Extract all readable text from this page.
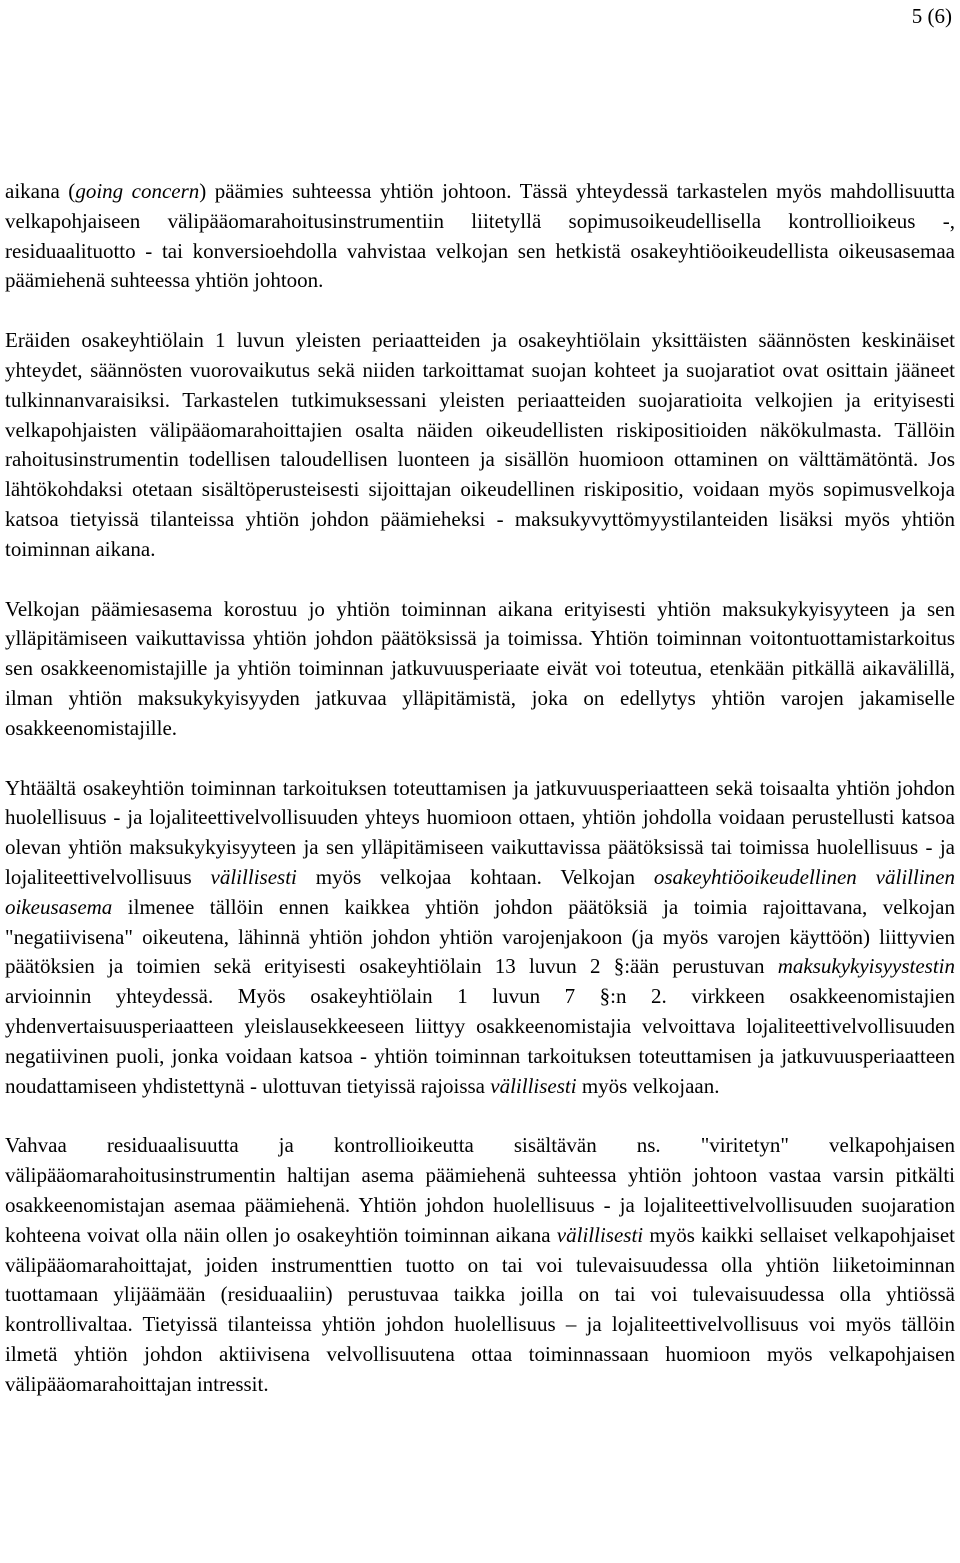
5 (6)

aikana (going concern) päämies suhteessa yhtiön johtoon. Tässä yhteydessä tarkastelen myös mahdollisuutta velkapohjaiseen välipääomarahoitusinstrumentiin liitetyllä sopimusoikeudellisella kontrollioikeus -, residuaalituotto - tai konversioehdolla vahvistaa velkojan sen hetkistä osakeyhtiöoikeudellista oikeusasemaa päämiehenä suhteessa yhtiön johtoon.

Eräiden osakeyhtiölain 1 luvun yleisten periaatteiden ja osakeyhtiölain yksittäisten säännösten keskinäiset yhteydet, säännösten vuorovaikutus sekä niiden tarkoittamat suojan kohteet ja suojaratiot ovat osittain jääneet tulkinnanvaraisiksi. Tarkastelen tutkimuksessani yleisten periaatteiden suojaratioita velkojien ja erityisesti velkapohjaisten välipääomarahoittajien osalta näiden oikeudellisten riskipositioiden näkökulmasta. Tällöin rahoitusinstrumentin todellisen taloudellisen luonteen ja sisällön huomioon ottaminen on välttämätöntä. Jos lähtökohdaksi otetaan sisältöperusteisesti sijoittajan oikeudellinen riskipositio, voidaan myös sopimusvelkoja katsoa tietyissä tilanteissa yhtiön johdon päämieheksi - maksukyvyttömyystilanteiden lisäksi myös yhtiön toiminnan aikana.

Velkojan päämiesasema korostuu jo yhtiön toiminnan aikana erityisesti yhtiön maksukykyisyyteen ja sen ylläpitämiseen vaikuttavissa yhtiön johdon päätöksissä ja toimissa. Yhtiön toiminnan voitontuottamistarkoitus sen osakkeenomistajille ja yhtiön toiminnan jatkuvuusperiaate eivät voi toteutua, etenkään pitkällä aikavälillä, ilman yhtiön maksukykyisyyden jatkuvaa ylläpitämistä, joka on edellytys yhtiön varojen jakamiselle osakkeenomistajille.

Yhtäältä osakeyhtiön toiminnan tarkoituksen toteuttamisen ja jatkuvuusperiaatteen sekä toisaalta yhtiön johdon huolellisuus - ja lojaliteettivelvollisuuden yhteys huomioon ottaen, yhtiön johdolla voidaan perustellusti katsoa olevan yhtiön maksukykyisyyteen ja sen ylläpitämiseen vaikuttavissa päätöksissä tai toimissa huolellisuus - ja lojaliteettivelvollisuus välillisesti myös velkojaa kohtaan. Velkojan osakeyhtiöoikeudellinen välillinen oikeusasema ilmenee tällöin ennen kaikkea yhtiön johdon päätöksiä ja toimia rajoittavana, velkojan "negatiivisena" oikeutena, lähinnä yhtiön johdon yhtiön varojenjakoon (ja myös varojen käyttöön) liittyvien päätöksien ja toimien sekä erityisesti osakeyhtiölain 13 luvun 2 §:ään perustuvan maksukykyisyystestin arvioinnin yhteydessä. Myös osakeyhtiölain 1 luvun 7 §:n 2. virkkeen osakkeenomistajien yhdenvertaisuusperiaatteen yleislausekkeeseen liittyy osakkeenomistajia velvoittava lojaliteettivelvollisuuden negatiivinen puoli, jonka voidaan katsoa - yhtiön toiminnan tarkoituksen toteuttamisen ja jatkuvuusperiaatteen noudattamiseen yhdistettynä - ulottuvan tietyissä rajoissa välillisesti myös velkojaan.

Vahvaa residuaalisuutta ja kontrollioikeutta sisältävän ns. "viritetyn" velkapohjaisen välipääomarahoitusinstrumentin haltijan asema päämiehenä suhteessa yhtiön johtoon vastaa varsin pitkälti osakkeenomistajan asemaa päämiehenä. Yhtiön johdon huolellisuus - ja lojaliteettivelvollisuuden suojaration kohteena voivat olla näin ollen jo osakeyhtiön toiminnan aikana välillisesti myös kaikki sellaiset velkapohjaiset välipääomarahoittajat, joiden instrumenttien tuotto on tai voi tulevaisuudessa olla yhtiön liiketoiminnan tuottamaan ylijäämään (residuaaliin) perustuvaa taikka joilla on tai voi tulevaisuudessa olla yhtiössä kontrollivaltaa. Tietyissä tilanteissa yhtiön johdon huolellisuus – ja lojaliteettivelvollisuus voi myös tällöin ilmetä yhtiön johdon aktiivisena velvollisuutena ottaa toiminnassaan huomioon myös velkapohjaisen välipääomarahoittajan intressit.
